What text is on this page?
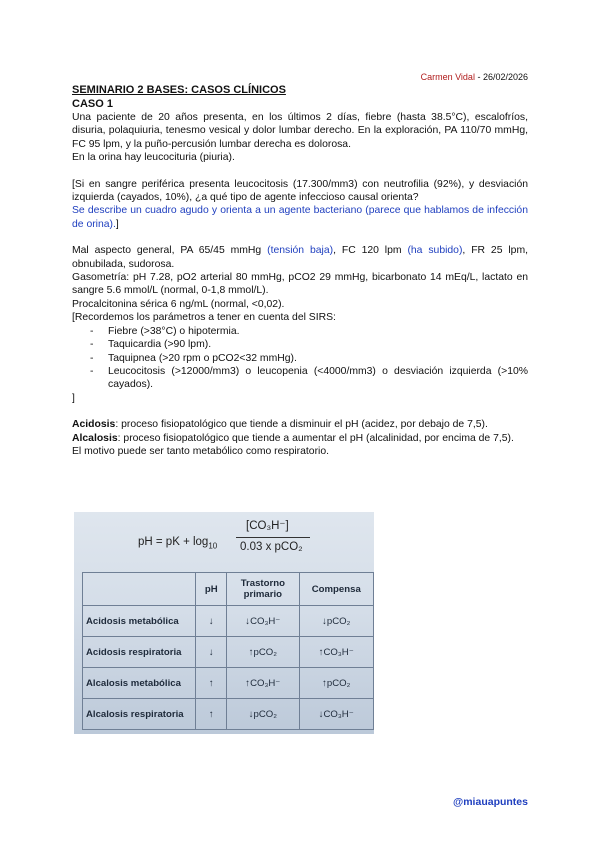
Carmen Vidal - 26/02/2026

SEMINARIO 2 BASES: CASOS CLÍNICOS

CASO 1

Una paciente de 20 años presenta, en los últimos 2 días, fiebre (hasta 38.5°C), escalofríos, disuria, polaquiuria, tenesmo vesical y dolor lumbar derecho. En la exploración, PA 110/70 mmHg, FC 95 lpm, y la puño-percusión lumbar derecha es dolorosa.

En la orina hay leucocituria (piuria).

[Si en sangre periférica presenta leucocitosis (17.300/mm3) con neutrofilia (92%), y desviación izquierda (cayados, 10%), ¿a qué tipo de agente infeccioso causal orienta?

Se describe un cuadro agudo y orienta a un agente bacteriano (parece que hablamos de infección de orina).]

Mal aspecto general, PA 65/45 mmHg (tensión baja), FC 120 lpm (ha subido), FR 25 lpm, obnubilada, sudorosa.

Gasometría: pH 7.28, pO2 arterial 80 mmHg, pCO2 29 mmHg, bicarbonato 14 mEq/L, lactato en sangre 5.6 mmol/L (normal, 0-1,8 mmol/L).

Procalcitonina sérica 6 ng/mL (normal, <0,02).

[Recordemos los parámetros a tener en cuenta del SIRS:

- Fiebre (>38°C) o hipotermia.
- Taquicardia (>90 lpm).
- Taquipnea (>20 rpm o pCO2<32 mmHg).
- Leucocitosis (>12000/mm3) o leucopenia (<4000/mm3) o desviación izquierda (>10% cayados).

]

Acidosis: proceso fisiopatológico que tiende a disminuir el pH (acidez, por debajo de 7,5).

Alcalosis: proceso fisiopatológico que tiende a aumentar el pH (alcalinidad, por encima de 7,5).

El motivo puede ser tanto metabólico como respiratorio.

pH = pK + $\log_{10}$
[CO₃H⁻]
0.03 x pCO₂
	pH	Trastorno primario	Compensa
Acidosis metabólica	↓	↓CO₃H⁻	↓pCO₂
Acidosis respiratoria	↓	↑pCO₂	↑CO₃H⁻
Alcalosis metabólica	↑	↑CO₃H⁻	↑pCO₂
Alcalosis respiratoria	↑	↓pCO₂	↓CO₃H⁻
@miauapuntes
